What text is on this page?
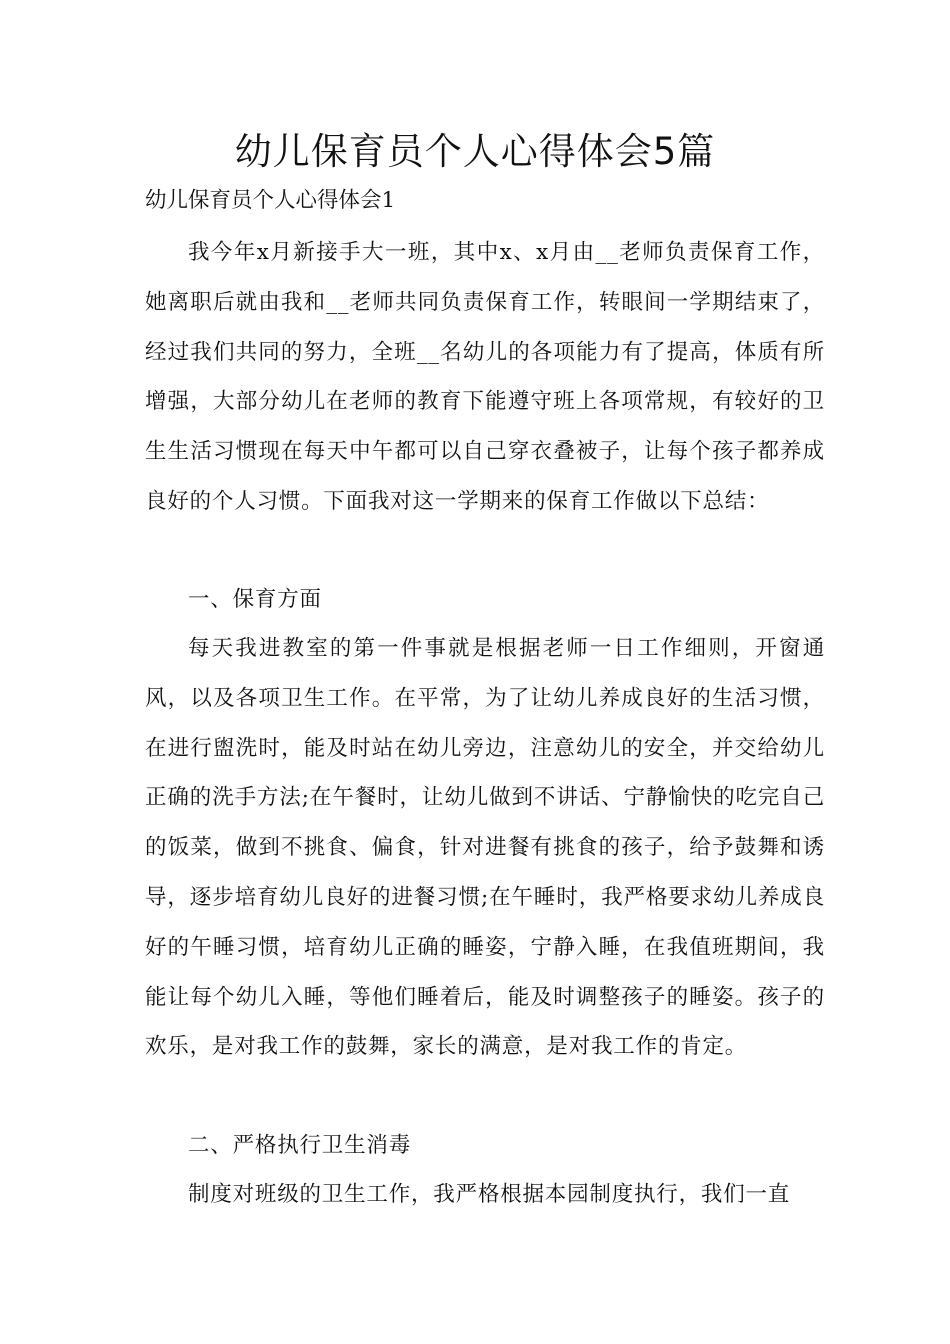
幼儿保育员个人心得体会5篇

幼儿保育员个人心得体会1

我今年x月新接手大一班，其中x、x月由__老师负责保育工作，她离职后就由我和__老师共同负责保育工作，转眼间一学期结束了，经过我们共同的努力，全班__名幼儿的各项能力有了提高，体质有所增强，大部分幼儿在老师的教育下能遵守班上各项常规，有较好的卫生生活习惯现在每天中午都可以自己穿衣叠被子，让每个孩子都养成良好的个人习惯。下面我对这一学期来的保育工作做以下总结：

一、保育方面

每天我进教室的第一件事就是根据老师一日工作细则，开窗通风，以及各项卫生工作。在平常，为了让幼儿养成良好的生活习惯，在进行盥洗时，能及时站在幼儿旁边，注意幼儿的安全，并交给幼儿正确的洗手方法;在午餐时，让幼儿做到不讲话、宁静愉快的吃完自己的饭菜，做到不挑食、偏食，针对进餐有挑食的孩子，给予鼓舞和诱导，逐步培育幼儿良好的进餐习惯;在午睡时，我严格要求幼儿养成良好的午睡习惯，培育幼儿正确的睡姿，宁静入睡，在我值班期间，我能让每个幼儿入睡，等他们睡着后，能及时调整孩子的睡姿。孩子的欢乐，是对我工作的鼓舞，家长的满意，是对我工作的肯定。

二、严格执行卫生消毒

制度对班级的卫生工作，我严格根据本园制度执行，我们一直
